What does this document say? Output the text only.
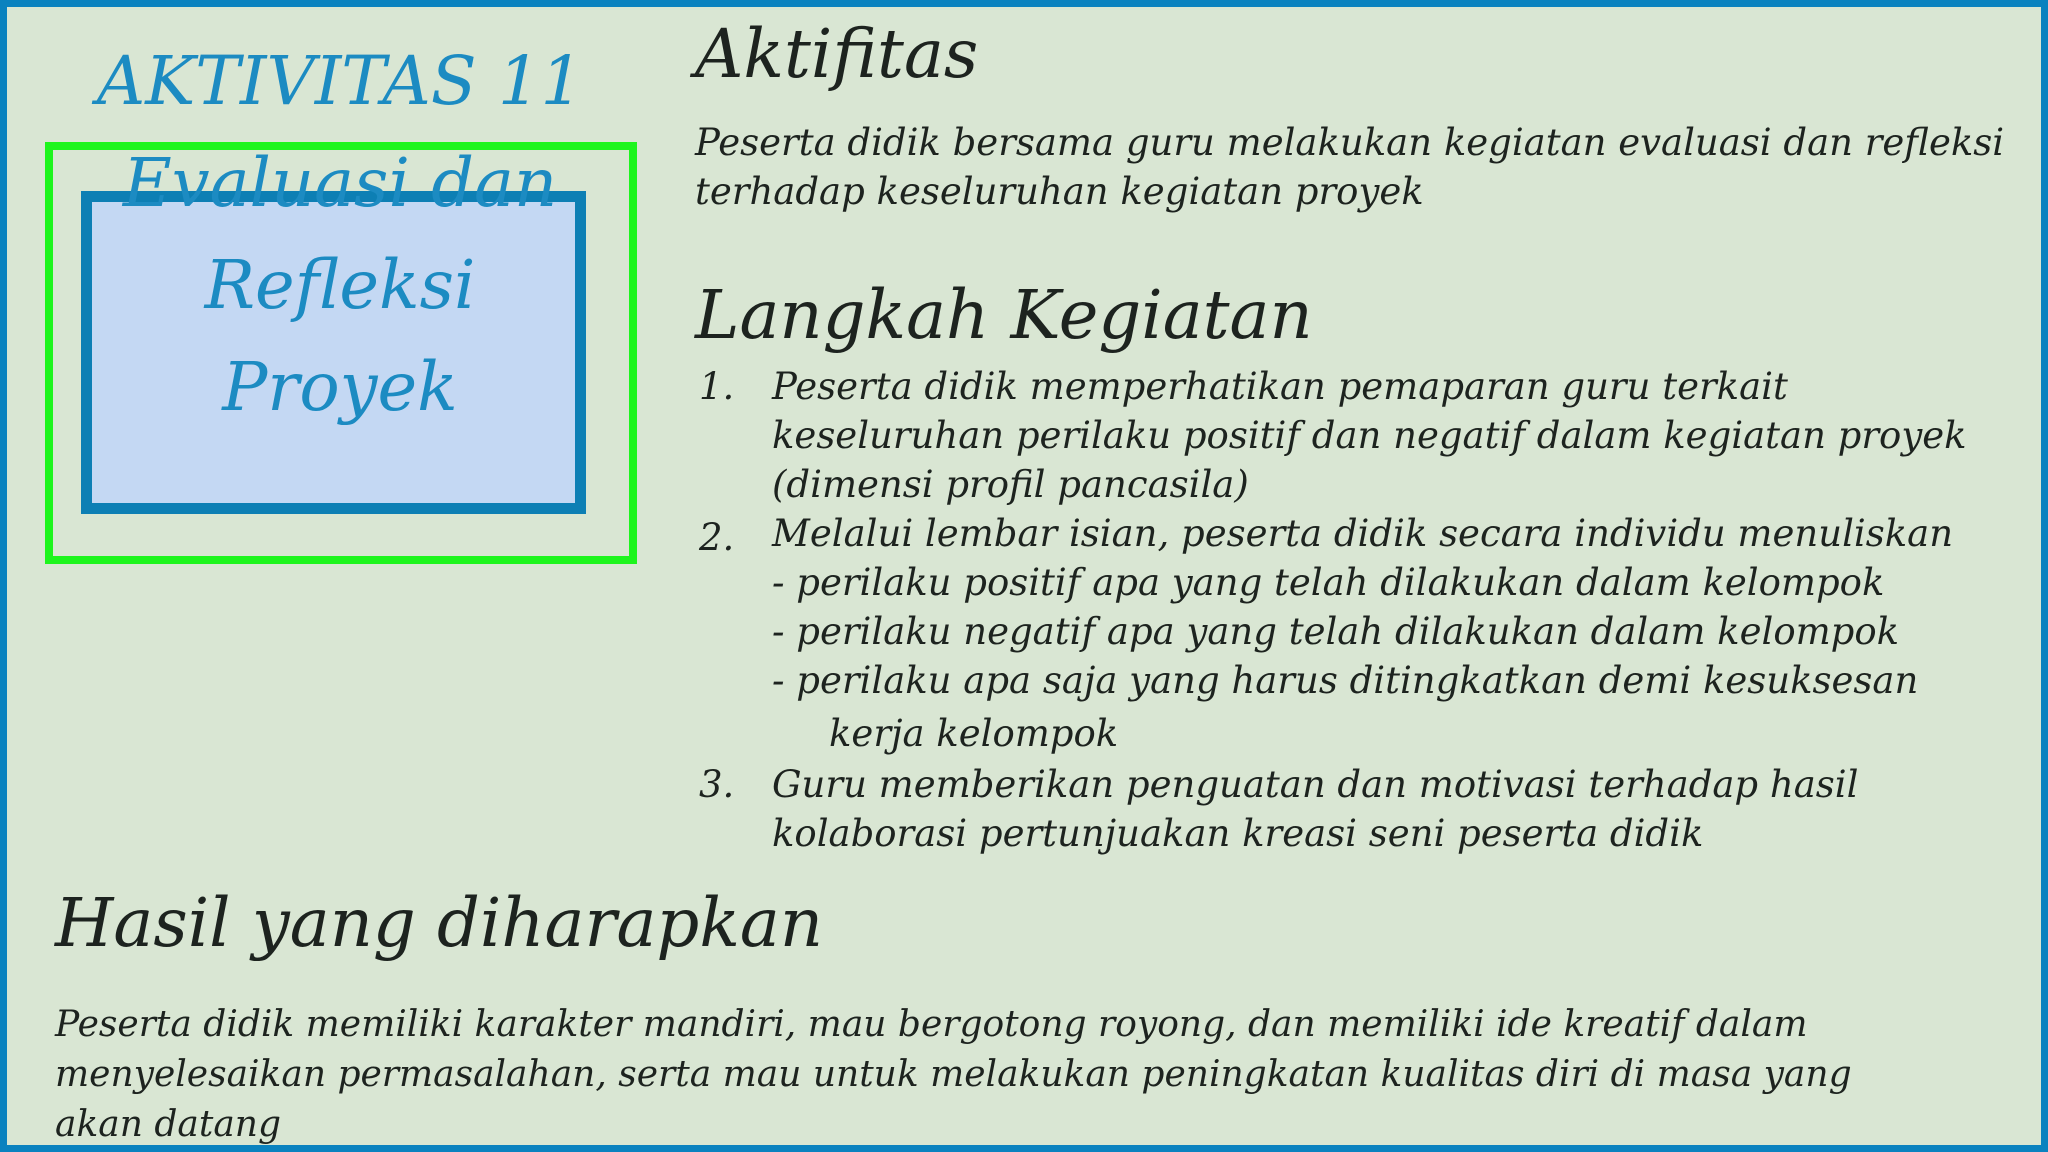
AKTIVITAS 11
Evaluasi dan
Refleksi
Proyek
Aktifitas
Peserta didik bersama guru melakukan kegiatan evaluasi dan refleksi
terhadap keseluruhan kegiatan proyek
Langkah Kegiatan
1. Peserta didik memperhatikan pemaparan guru terkait
keseluruhan perilaku positif dan negatif dalam kegiatan proyek
(dimensi profil pancasila)
2. Melalui lembar isian, peserta didik secara individu menuliskan
- perilaku positif apa yang telah dilakukan dalam kelompok
- perilaku negatif apa yang telah dilakukan dalam kelompok
- perilaku apa saja yang harus ditingkatkan demi kesuksesan
kerja kelompok
3. Guru memberikan penguatan dan motivasi terhadap hasil
kolaborasi pertunjuakan kreasi seni peserta didik
Hasil yang diharapkan
Peserta didik memiliki karakter mandiri, mau bergotong royong, dan memiliki ide kreatif dalam
menyelesaikan permasalahan, serta mau untuk melakukan peningkatan kualitas diri di masa yang
akan datang
